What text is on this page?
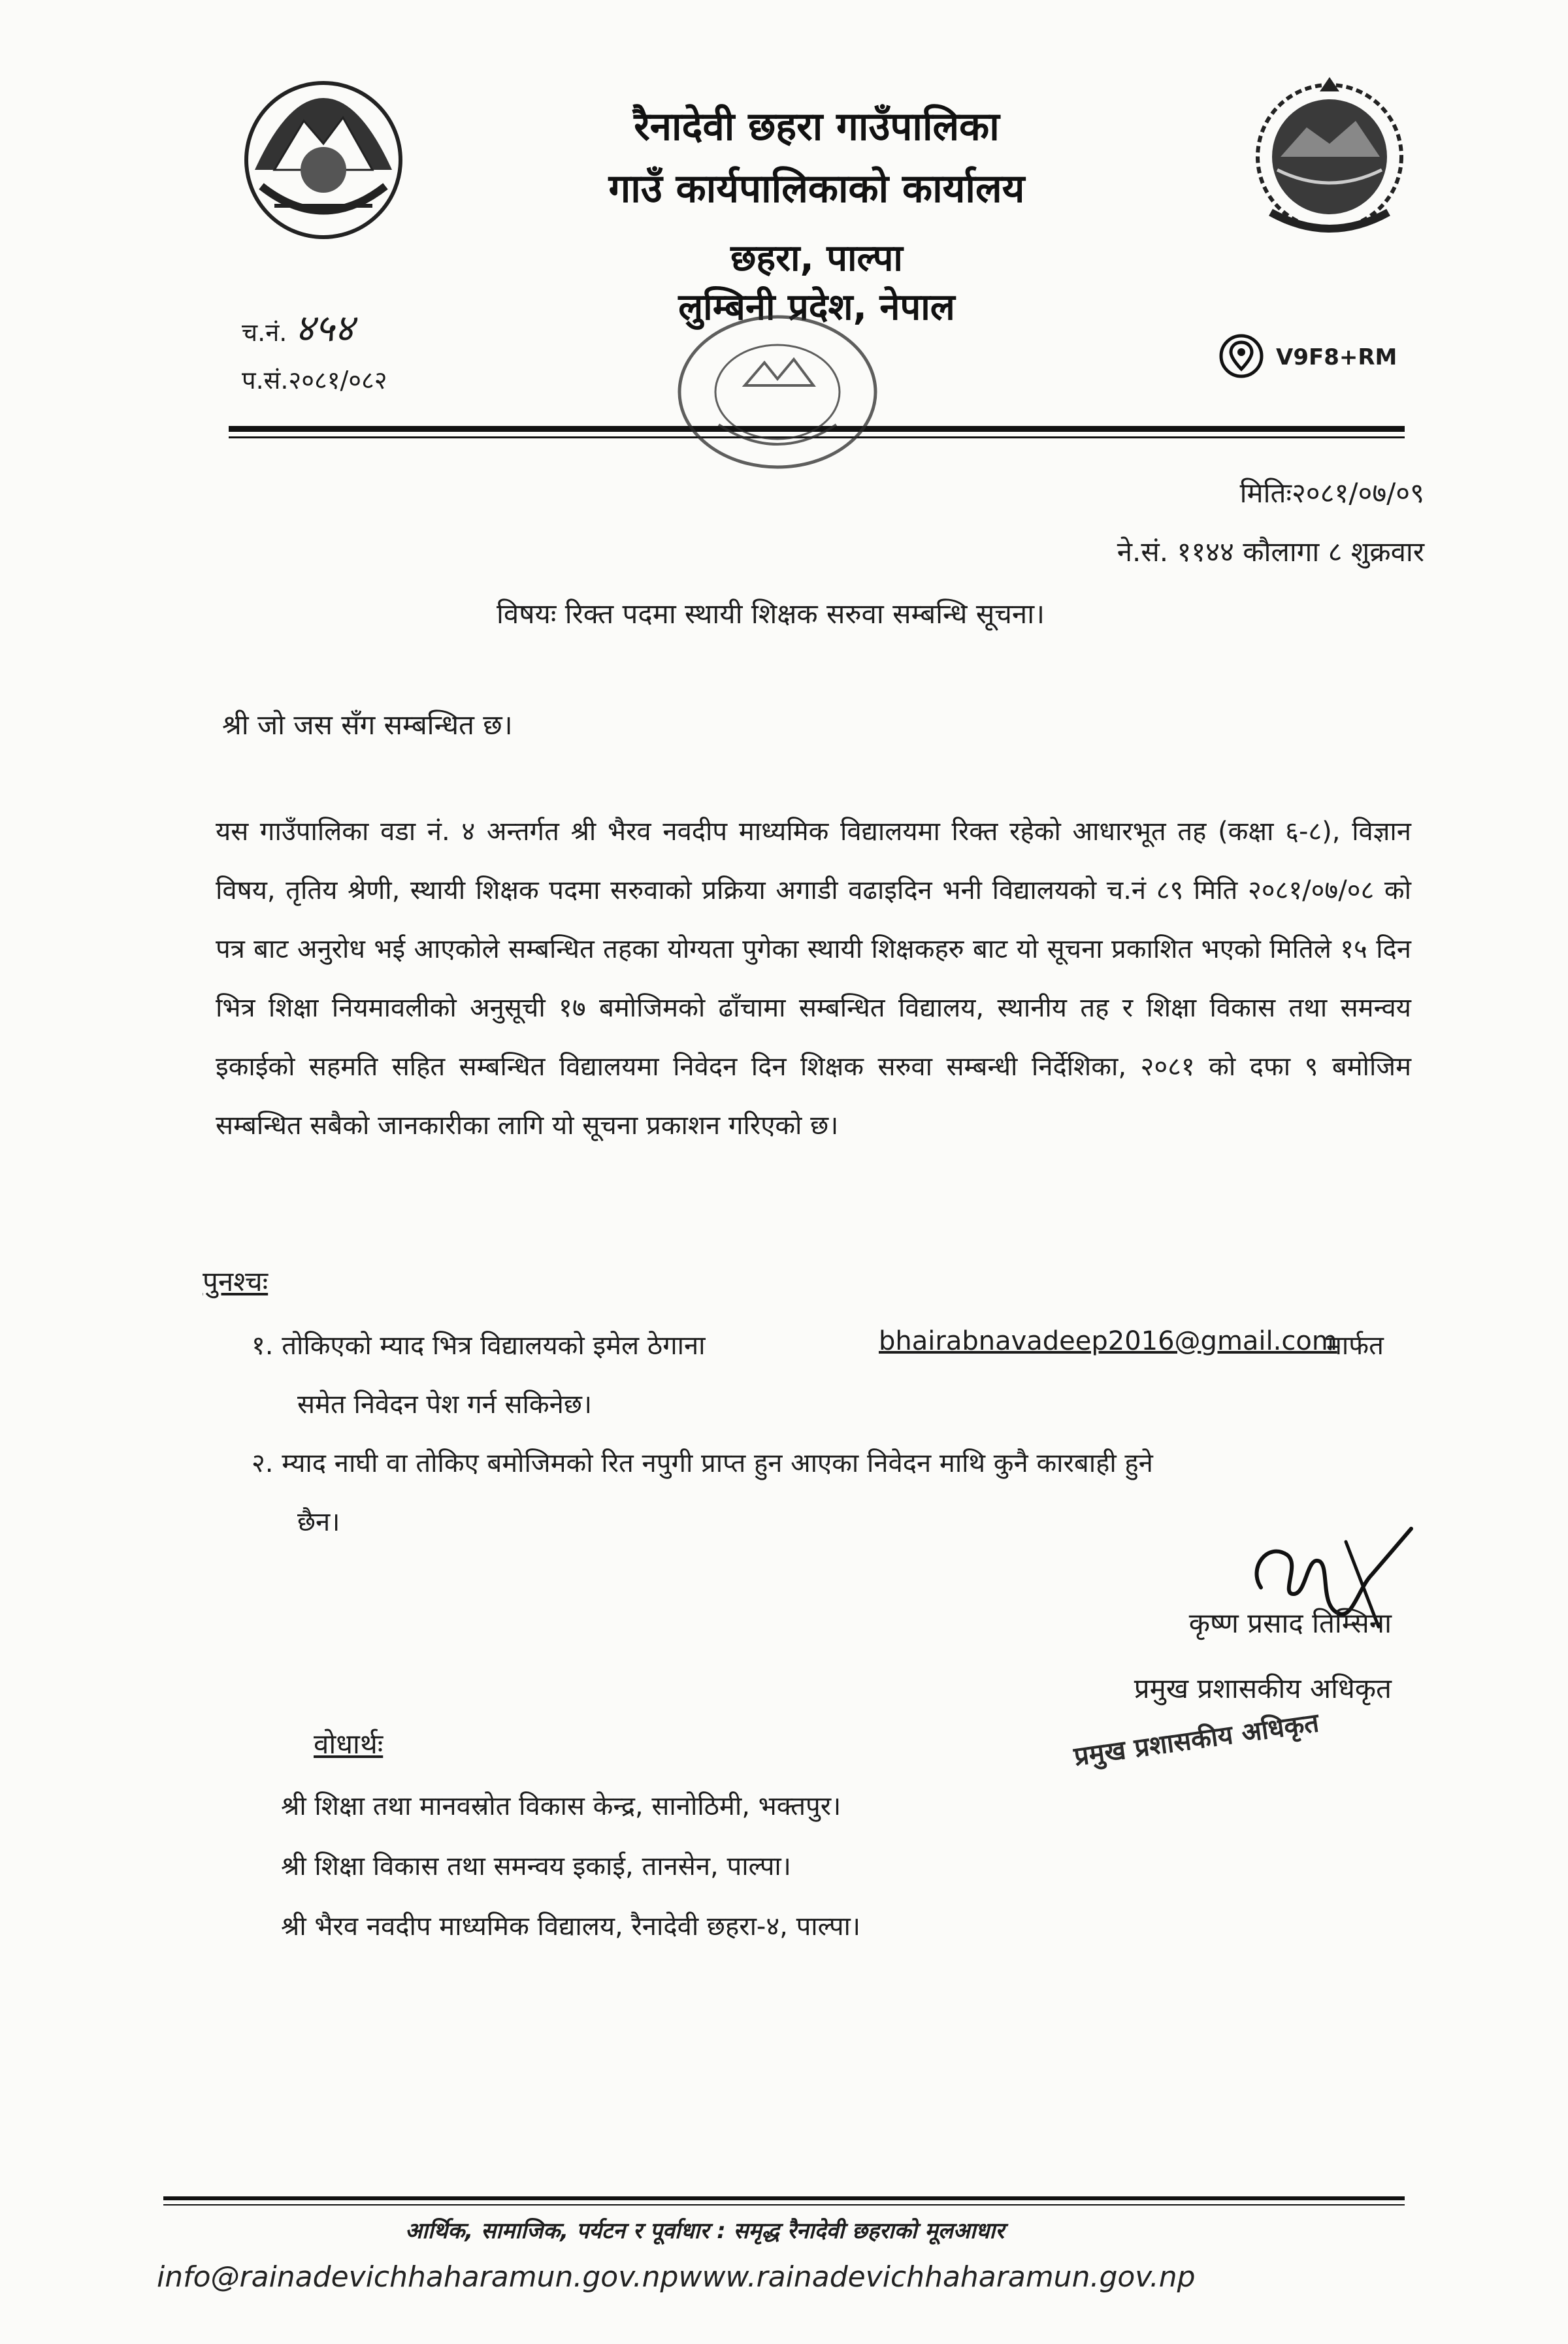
रैनादेवी छहरा गाउँपालिका
गाउँ कार्यपालिकाको कार्यालय
छहरा, पाल्पा
लुम्बिनी प्रदेश, नेपाल
च.नं. ४५४
प.सं.२०८१/०८२
V9F8+RM
मितिः२०८१/०७/०९
ने.सं. ११४४ कौलागा ८ शुक्रवार
विषयः रिक्त पदमा स्थायी शिक्षक सरुवा सम्बन्धि सूचना।
श्री जो जस सँग सम्बन्धित छ।
यस गाउँपालिका वडा नं. ४ अन्तर्गत श्री भैरव नवदीप माध्यमिक विद्यालयमा रिक्त रहेको आधारभूत तह (कक्षा ६-८), विज्ञान विषय, तृतिय श्रेणी, स्थायी शिक्षक पदमा सरुवाको प्रक्रिया अगाडी वढाइदिन भनी विद्यालयको च.नं ८९ मिति २०८१/०७/०८ को पत्र बाट अनुरोध भई आएकोले सम्बन्धित तहका योग्यता पुगेका स्थायी शिक्षकहरु बाट यो सूचना प्रकाशित भएको मितिले १५ दिन भित्र शिक्षा नियमावलीको अनुसूची १७ बमोजिमको ढाँचामा सम्बन्धित विद्यालय, स्थानीय तह र शिक्षा विकास तथा समन्वय इकाईको सहमति सहित सम्बन्धित विद्यालयमा निवेदन दिन शिक्षक सरुवा सम्बन्धी निर्देशिका, २०८१ को दफा ९ बमोजिम सम्बन्धित सबैको जानकारीका लागि यो सूचना प्रकाशन गरिएको छ।
पुनश्चः
१. तोकिएको म्याद भित्र विद्यालयको इमेल ठेगाना	bhairabnavadeep2016@gmail.com
मार्फत
समेत निवेदन पेश गर्न सकिनेछ।
२. म्याद नाघी वा तोकिए बमोजिमको रित नपुगी प्राप्त हुन आएका निवेदन माथि कुनै कारबाही हुने
छैन।
कृष्ण प्रसाद तिम्सिना
प्रमुख प्रशासकीय अधिकृत
प्रमुख प्रशासकीय अधिकृत
वोधार्थः
श्री शिक्षा तथा मानवस्रोत विकास केन्द्र, सानोठिमी, भक्तपुर।
श्री शिक्षा विकास तथा समन्वय इकाई, तानसेन, पाल्पा।
श्री भैरव नवदीप माध्यमिक विद्यालय, रैनादेवी छहरा-४, पाल्पा।
आर्थिक, सामाजिक, पर्यटन र पूर्वाधार : समृद्ध रैनादेवी छहराको मूलआधार
info@rainadevichhaharamun.gov.npwww.rainadevichhaharamun.gov.np
